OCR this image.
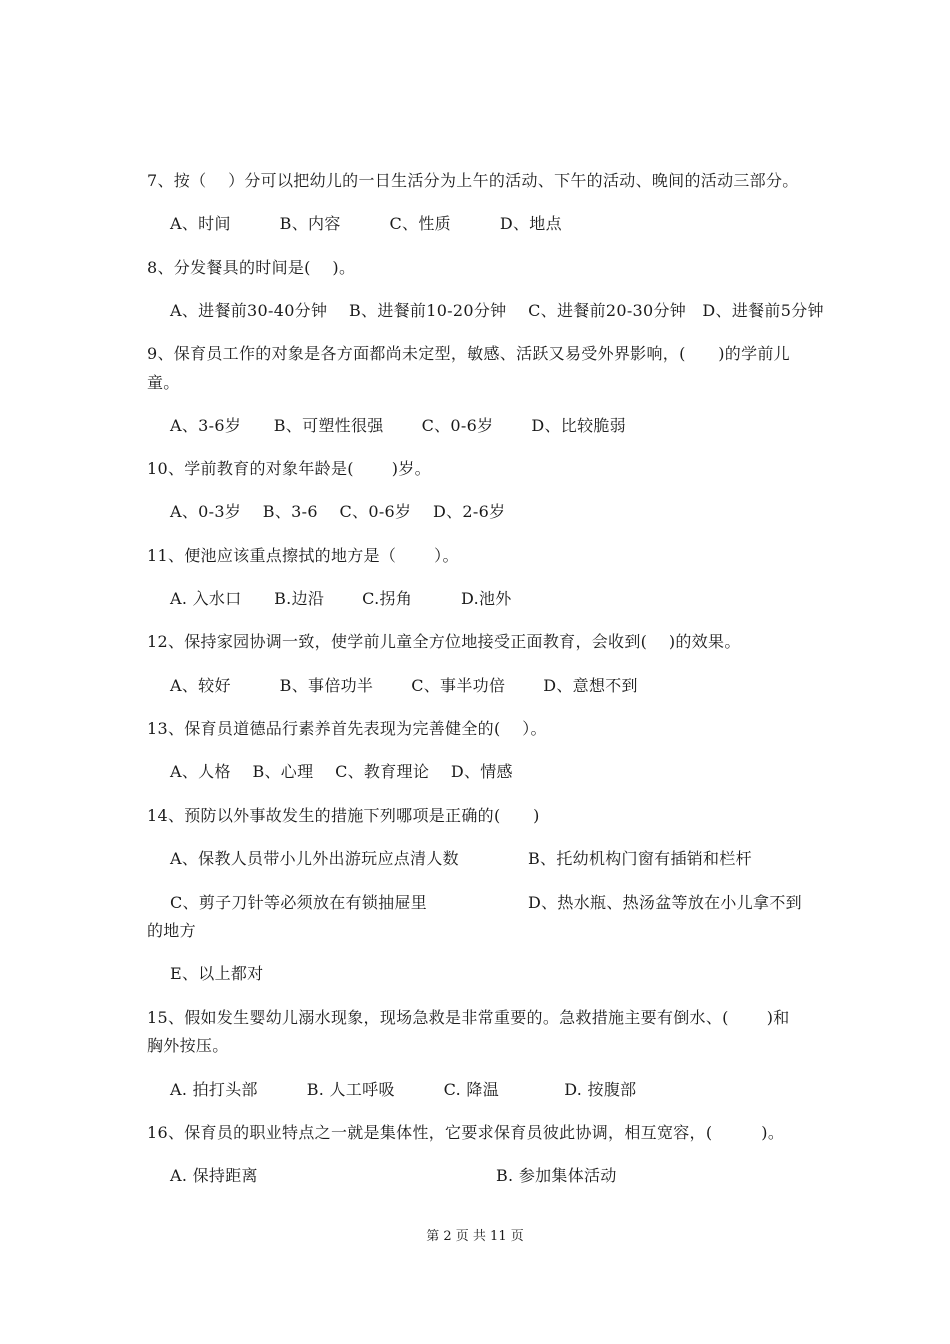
7、按（　 ）分可以把幼儿的一日生活分为上午的活动、下午的活动、晚间的活动三部分。
A、时间　　　B、内容　　　C、性质　　　D、地点
8、分发餐具的时间是(　 )。
A、进餐前30-40分钟　 B、进餐前10-20分钟　 C、进餐前20-30分钟　D、进餐前5分钟
9、保育员工作的对象是各方面都尚未定型，敏感、活跃又易受外界影响，(　　)的学前儿
童。
A、3-6岁　　B、可塑性很强　　 C、0-6岁　　 D、比较脆弱
10、学前教育的对象年龄是(　　 )岁。
A、0-3岁　 B、3-6　 C、0-6岁　 D、2-6岁
11、便池应该重点擦拭的地方是（　　 ）。
A. 入水口　　B.边沿　　 C.拐角　　　D.池外
12、保持家园协调一致，使学前儿童全方位地接受正面教育，会收到(　 )的效果。
A、较好　　　B、事倍功半　　 C、事半功倍　　 D、意想不到
13、保育员道德品行素养首先表现为完善健全的(　 ）。
A、人格　 B、心理　 C、教育理论　 D、情感
14、预防以外事故发生的措施下列哪项是正确的(　　)
A、保教人员带小儿外出游玩应点清人数	B、托幼机构门窗有插销和栏杆
C、剪子刀针等必须放在有锁抽屉里	D、热水瓶、热汤盆等放在小儿拿不到
的地方
E、以上都对
15、假如发生婴幼儿溺水现象，现场急救是非常重要的。急救措施主要有倒水、(　　 )和
胸外按压。
A. 拍打头部　　　B. 人工呼吸　　　C. 降温　　　　D. 按腹部
16、保育员的职业特点之一就是集体性，它要求保育员彼此协调，相互宽容，(　　　)。
A. 保持距离	B. 参加集体活动
第 2 页 共 11 页
